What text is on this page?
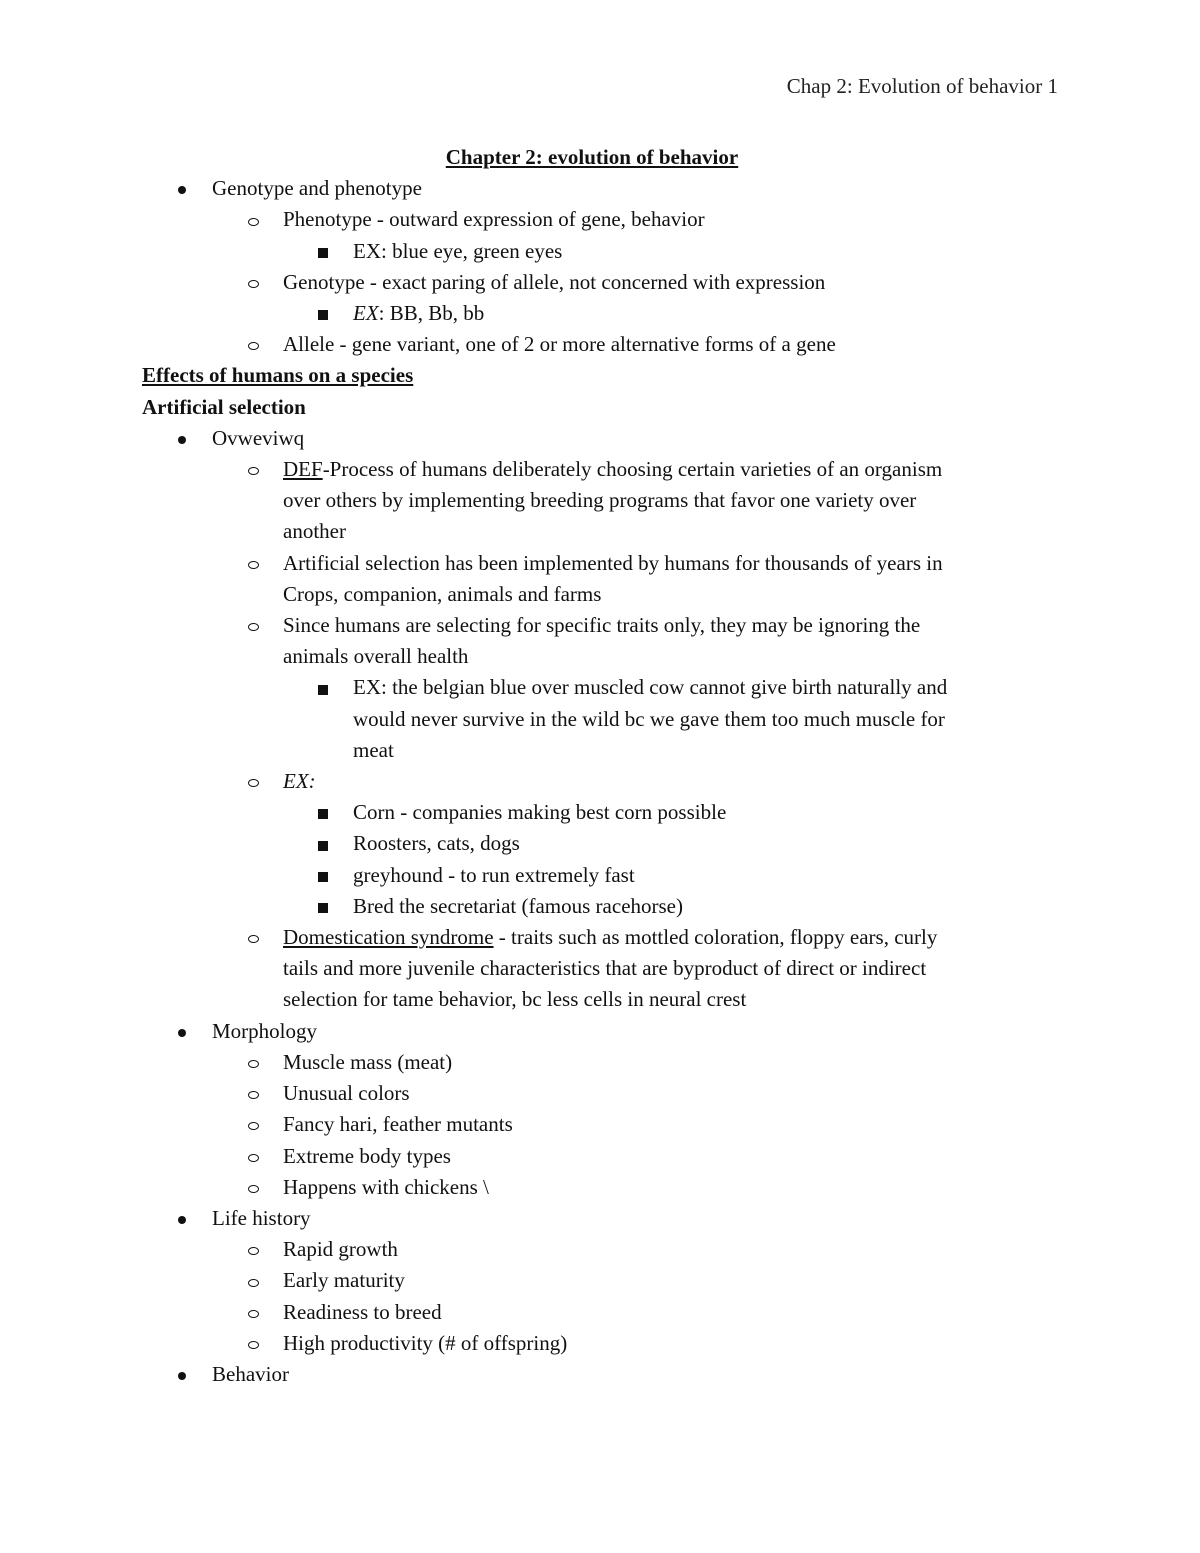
Chap 2: Evolution of behavior 1
Chapter 2: evolution of behavior
Genotype and phenotype
Phenotype - outward expression of gene, behavior
EX: blue eye, green eyes
Genotype - exact paring of allele, not concerned with expression
EX: BB, Bb, bb
Allele - gene variant, one of 2 or more alternative forms of a gene
Effects of humans on a species
Artificial selection
Ovweviwq
DEF-Process of humans deliberately choosing certain varieties of an organism
over others by implementing breeding programs that favor one variety over
another
Artificial selection has been implemented by humans for thousands of years in
Crops, companion, animals and farms
Since humans are selecting for specific traits only, they may be ignoring the
animals overall health
EX: the belgian blue over muscled cow cannot give birth naturally and
would never survive in the wild bc we gave them too much muscle for
meat
EX:
Corn - companies making best corn possible
Roosters, cats, dogs
greyhound - to run extremely fast
Bred the secretariat (famous racehorse)
Domestication syndrome - traits such as mottled coloration, floppy ears, curly
tails and more juvenile characteristics that are byproduct of direct or indirect
selection for tame behavior, bc less cells in neural crest
Morphology
Muscle mass (meat)
Unusual colors
Fancy hari, feather mutants
Extreme body types
Happens with chickens \
Life history
Rapid growth
Early maturity
Readiness to breed
High productivity (# of offspring)
Behavior
